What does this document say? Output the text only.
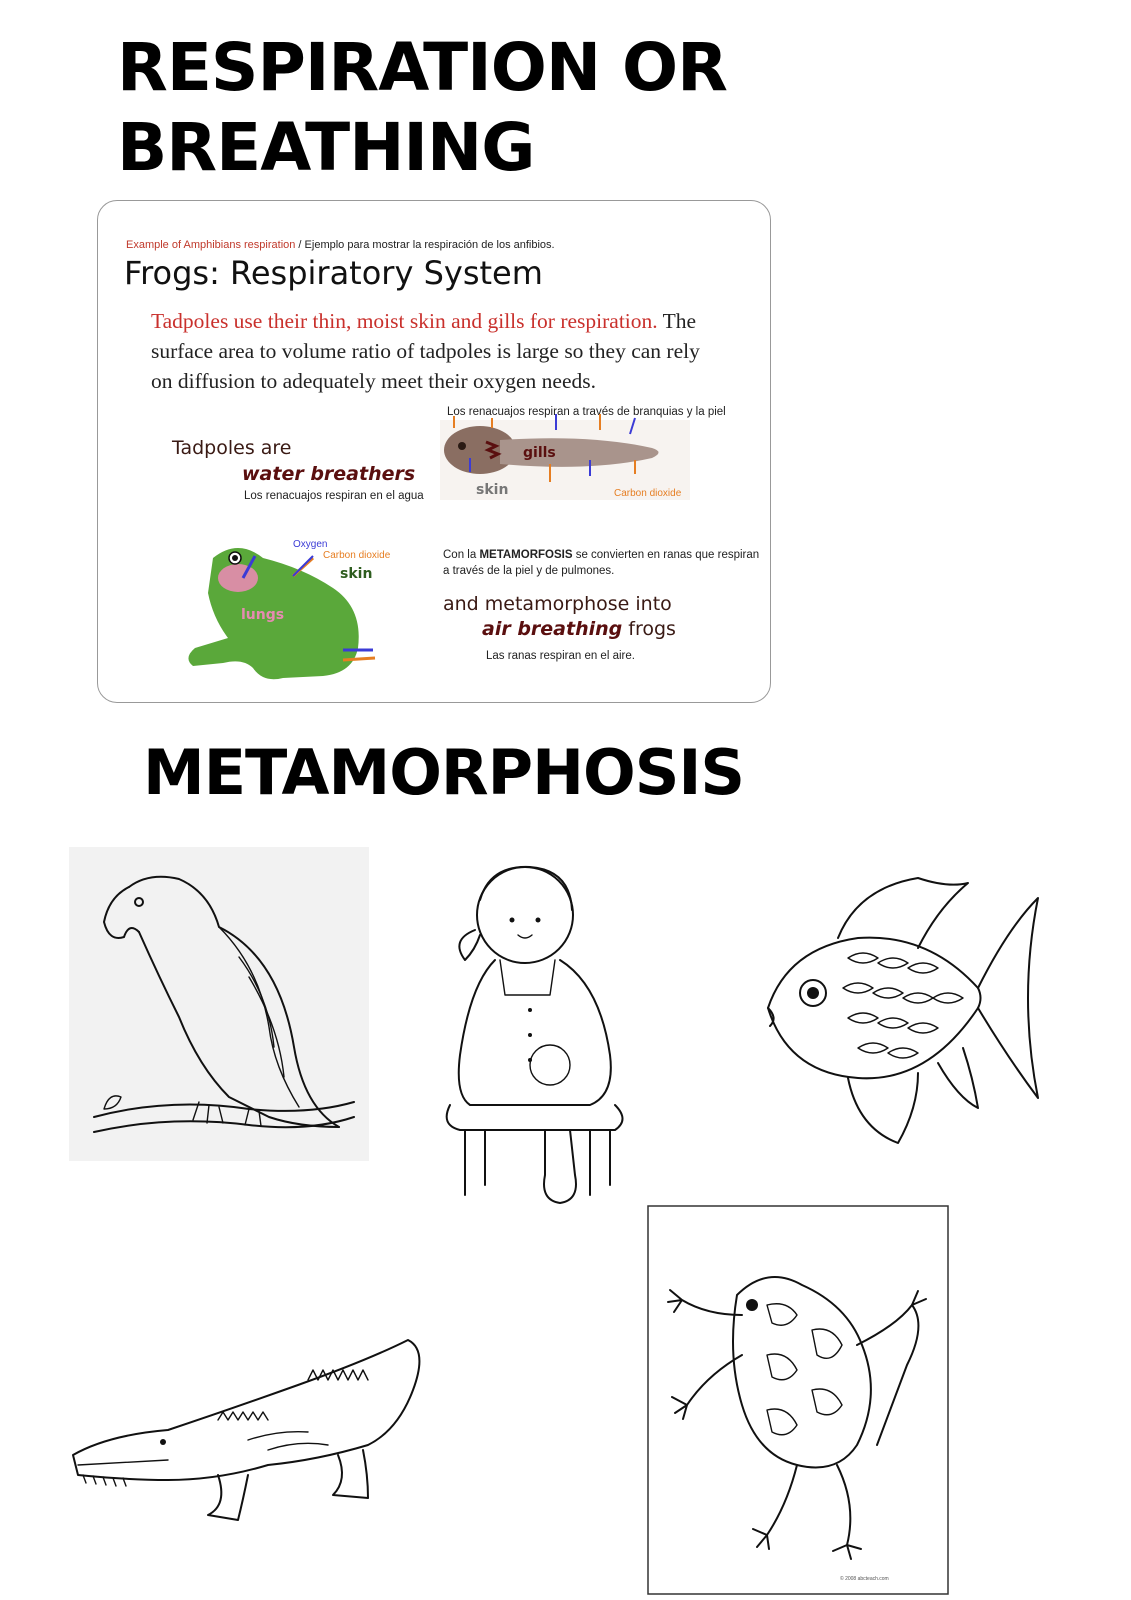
RESPIRATION OR
BREATHING
Example of Amphibians respiration / Ejemplo para mostrar la respiración de los anfibios.
Frogs: Respiratory System
Tadpoles use their thin, moist skin and gills for respiration. The surface area to volume ratio of tadpoles is large so they can rely on diffusion to adequately meet their oxygen needs.
Los renacuajos respiran a través de branquias y la piel
gills
skin	Carbon dioxide
Tadpoles are
water breathers
Los renacuajos respiran en el agua
Oxygen
Carbon dioxide
skin
lungs
Con la METAMORFOSIS se convierten en ranas que respiran
a través de la piel y de pulmones.
and metamorphose into
air breathing frogs
Las ranas respiran en el aire.
METAMORPHOSIS
© 2008 abcteach.com
